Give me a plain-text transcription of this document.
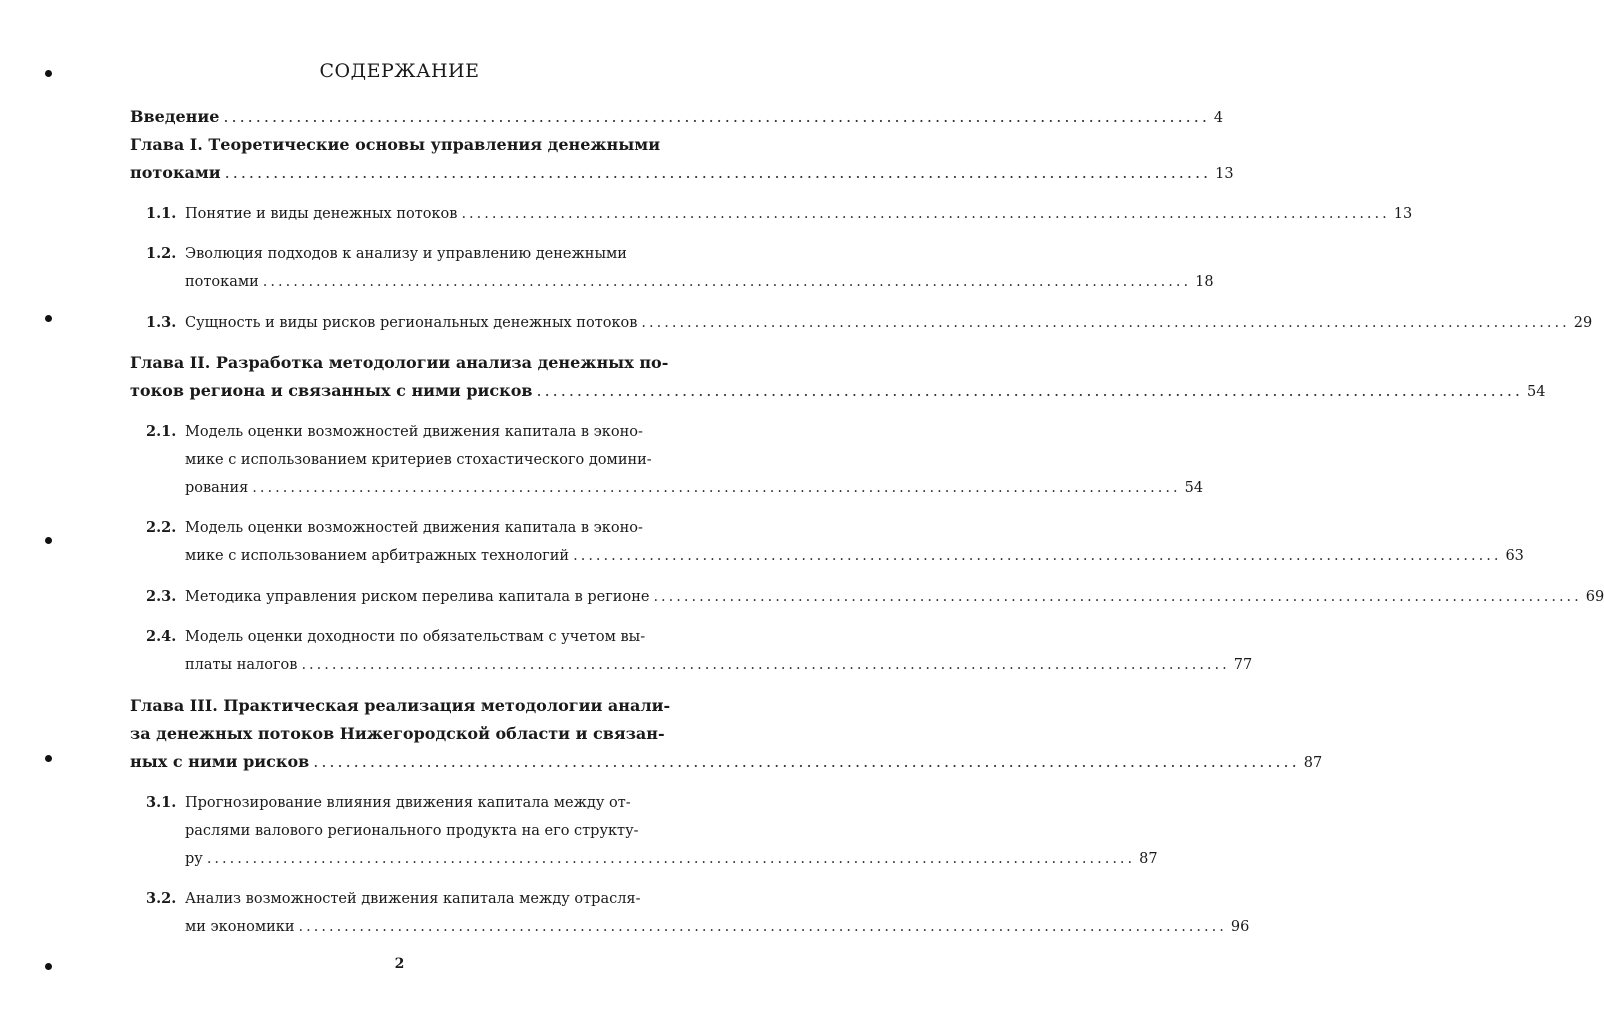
СОДЕРЖАНИЕ
Введение .......................................................................................................................... 4
Глава I. Теоретические основы управления денежными
потоками .......................................................................................................................... 13
1.1. Понятие и виды денежных потоков .......................................................................................................................... 13
1.2. Эволюция подходов к анализу и управлению денежными
потоками .......................................................................................................................... 18
1.3. Сущность и виды рисков региональных денежных потоков .......................................................................................................................... 29
Глава II. Разработка методологии анализа денежных по-
токов региона и связанных с ними рисков .......................................................................................................................... 54
2.1. Модель оценки возможностей движения капитала в эконо-
мике с использованием критериев стохастического домини-
рования .......................................................................................................................... 54
2.2. Модель оценки возможностей движения капитала в эконо-
мике с использованием арбитражных технологий .......................................................................................................................... 63
2.3. Методика управления риском перелива капитала в регионе .......................................................................................................................... 69
2.4. Модель оценки доходности по обязательствам с учетом вы-
платы налогов .......................................................................................................................... 77
Глава III. Практическая реализация методологии анали-
за денежных потоков Нижегородской области и связан-
ных с ними рисков .......................................................................................................................... 87
3.1. Прогнозирование влияния движения капитала между от-
раслями валового регионального продукта на его структу-
ру .......................................................................................................................... 87
3.2. Анализ возможностей движения капитала между отрасля-
ми экономики .......................................................................................................................... 96
2
